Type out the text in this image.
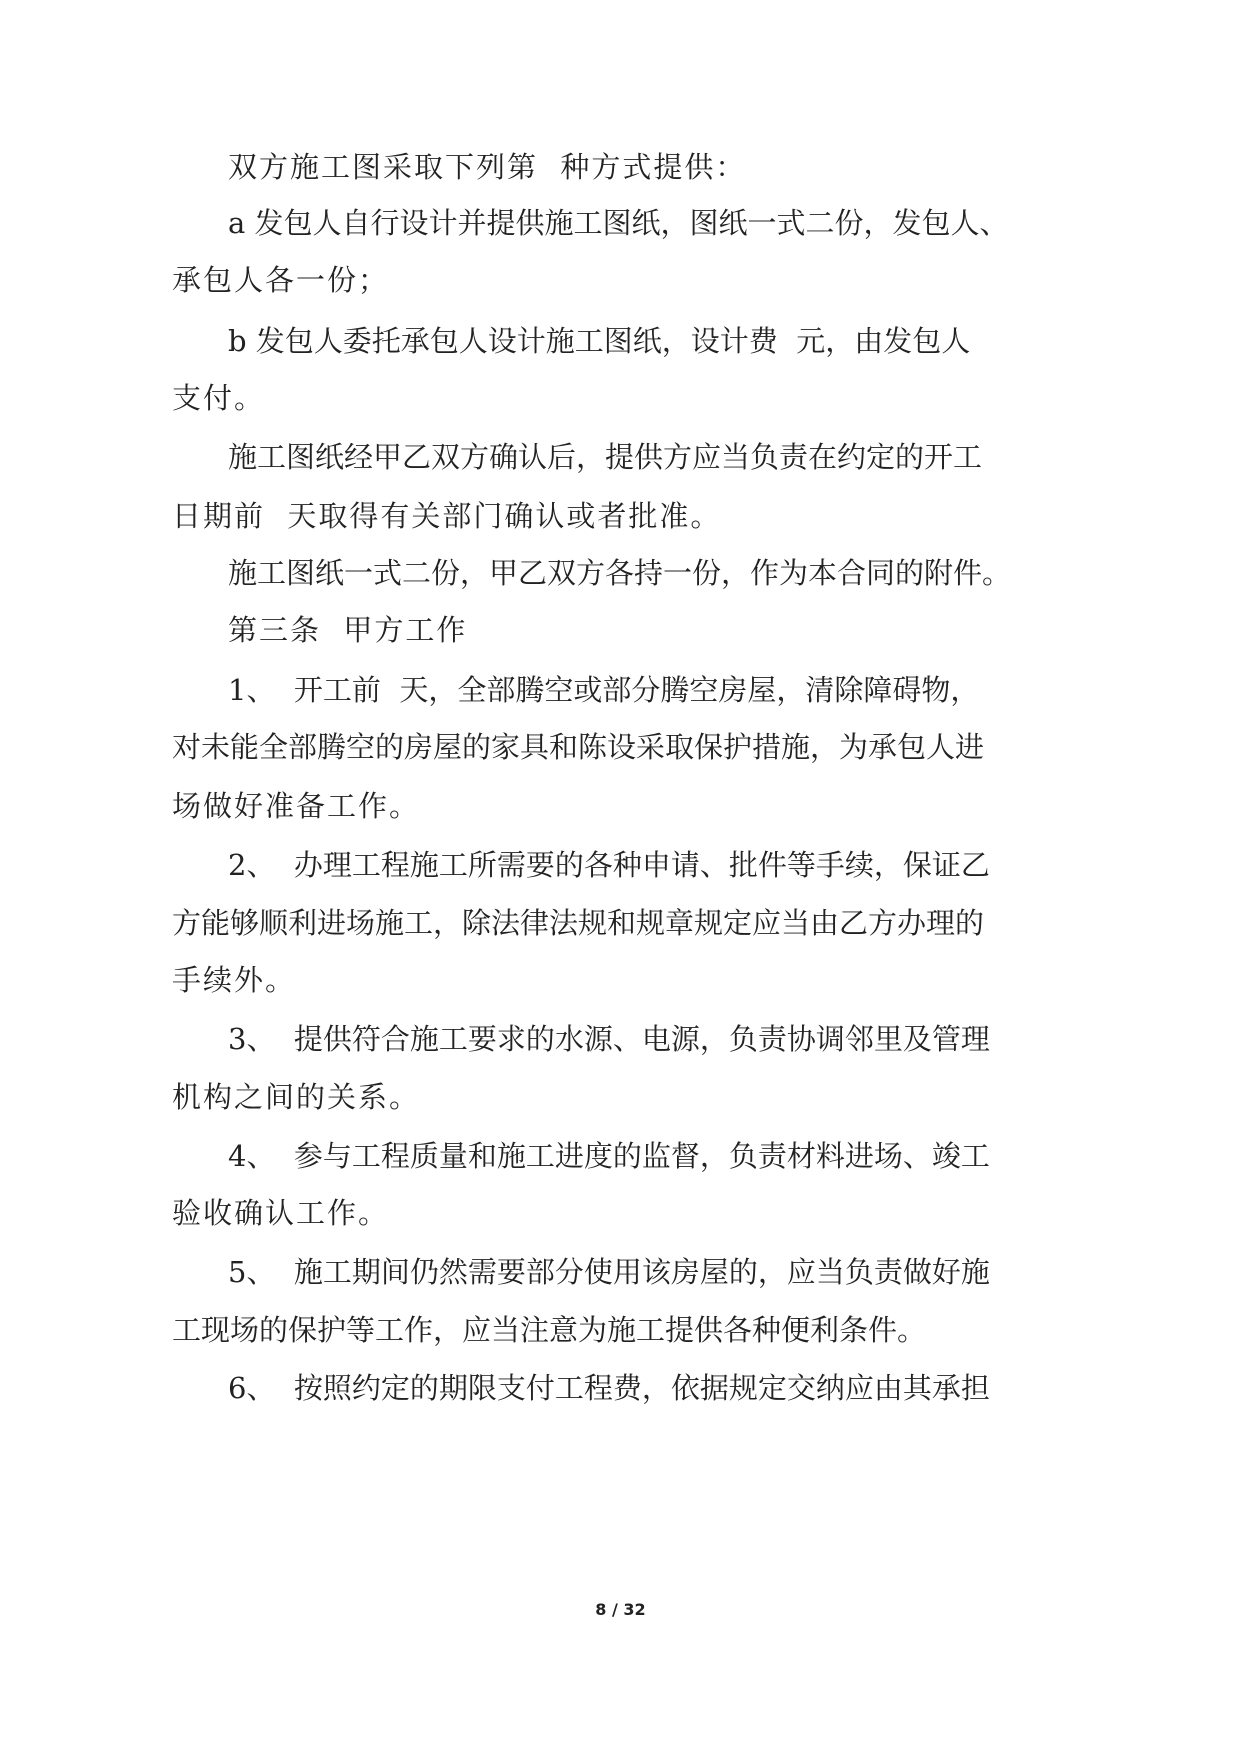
双方施工图采取下列第  种方式提供：
a 发包人自行设计并提供施工图纸，图纸一式二份，发包人、
承包人各一份；
b 发包人委托承包人设计施工图纸，设计费  元，由发包人
支付。
施工图纸经甲乙双方确认后，提供方应当负责在约定的开工
日期前  天取得有关部门确认或者批准。
施工图纸一式二份，甲乙双方各持一份，作为本合同的附件。
第三条  甲方工作
1、  开工前  天，全部腾空或部分腾空房屋，清除障碍物，
对未能全部腾空的房屋的家具和陈设采取保护措施，为承包人进
场做好准备工作。
2、  办理工程施工所需要的各种申请、批件等手续，保证乙
方能够顺利进场施工，除法律法规和规章规定应当由乙方办理的
手续外。
3、  提供符合施工要求的水源、电源，负责协调邻里及管理
机构之间的关系。
4、  参与工程质量和施工进度的监督，负责材料进场、竣工
验收确认工作。
5、  施工期间仍然需要部分使用该房屋的，应当负责做好施
工现场的保护等工作，应当注意为施工提供各种便利条件。
6、  按照约定的期限支付工程费，依据规定交纳应由其承担
8 / 32
